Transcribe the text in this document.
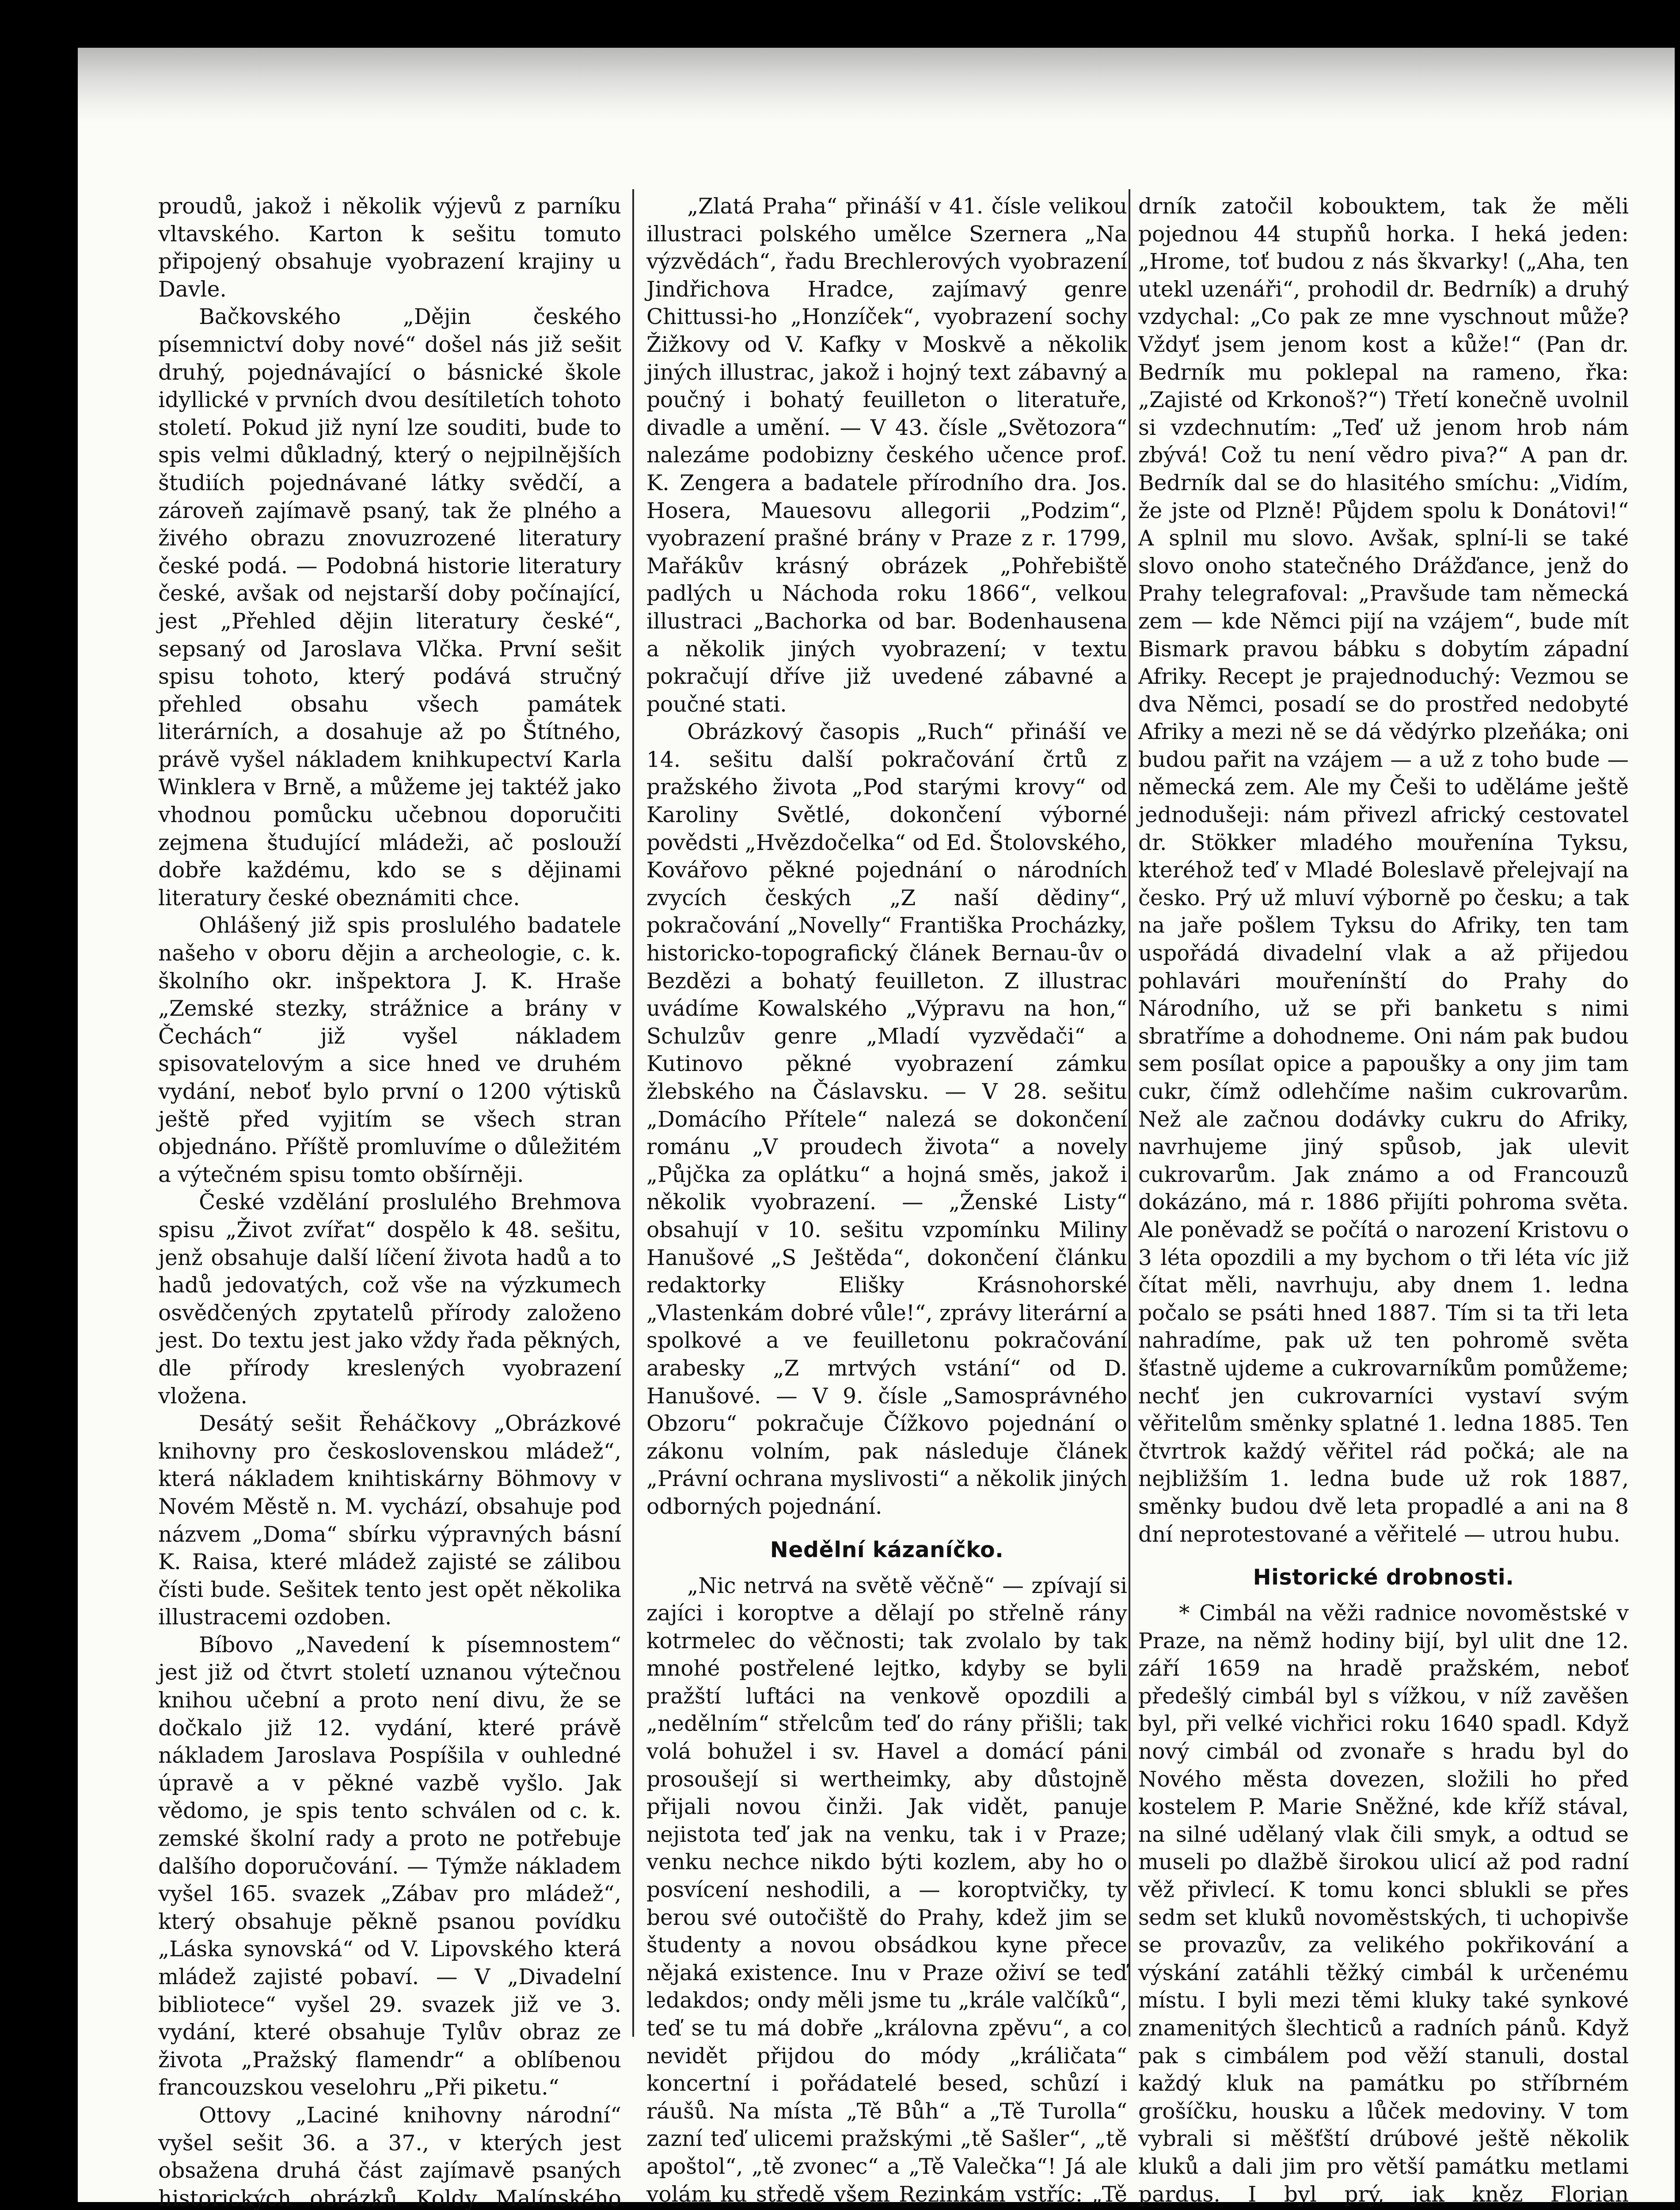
proudů, jakož i několik výjevů z parníku vltavského. Karton k sešitu tomuto připojený obsahuje vyobrazení krajiny u Davle.

Bačkovského „Dějin českého písemnictví doby nové“ došel nás již sešit druhý, pojednávající o básnické škole idyllické v prvních dvou desítiletích tohoto století. Pokud již nyní lze souditi, bude to spis velmi důkladný, který o nejpilnějších študiích pojednávané látky svědčí, a zároveň zajímavě psaný, tak že plného a živého obrazu znovuzrozené literatury české podá. — Podobná historie literatury české, avšak od nejstarší doby počínající, jest „Přehled dějin literatury české“, sepsaný od Jaroslava Vlčka. První sešit spisu tohoto, který podává stručný přehled obsahu všech památek literárních, a dosahuje až po Štítného, právě vyšel nákladem knihkupectví Karla Winklera v Brně, a můžeme jej taktéž jako vhodnou pomůcku učebnou doporučiti zejmena študující mládeži, ač poslouží dobře každému, kdo se s dějinami literatury české obeznámiti chce.

Ohlášený již spis proslulého badatele našeho v oboru dějin a archeologie, c. k. školního okr. inšpektora J. K. Hraše „Zemské stezky, strážnice a brány v Čechách“ již vyšel nákladem spisovatelovým a sice hned ve druhém vydání, neboť bylo první o 1200 výtisků ještě před vyjitím se všech stran objednáno. Příště promluvíme o důležitém a výtečném spisu tomto obšírněji.

České vzdělání proslulého Brehmova spisu „Život zvířat“ dospělo k 48. sešitu, jenž obsahuje další líčení života hadů a to hadů jedovatých, což vše na výzkumech osvědčených zpytatelů přírody založeno jest. Do textu jest jako vždy řada pěkných, dle přírody kreslených vyobrazení vložena.

Desátý sešit Řeháčkovy „Obrázkové knihovny pro československou mládež“, která nákladem knihtiskárny Böhmovy v Novém Městě n. M. vychází, obsahuje pod názvem „Doma“ sbírku výpravných básní K. Raisa, které mládež zajisté se zálibou čísti bude. Sešitek tento jest opět několika illustracemi ozdoben.

Bíbovo „Navedení k písemnostem“ jest již od čtvrt století uznanou výtečnou knihou učební a proto není divu, že se dočkalo již 12. vydání, které právě nákladem Jaroslava Pospíšila v ouhledné úpravě a v pěkné vazbě vyšlo. Jak vědomo, je spis tento schválen od c. k. zemské školní rady a proto ne potřebuje dalšího doporučování. — Týmže nákladem vyšel 165. svazek „Zábav pro mládež“, který obsahuje pěkně psanou povídku „Láska synovská“ od V. Lipovského která mládež zajisté pobaví. — V „Divadelní bibliotece“ vyšel 29. svazek již ve 3. vydání, které obsahuje Tylův obraz ze života „Pražský flamendr“ a oblíbenou francouzskou veselohru „Při piketu.“

Ottovy „Laciné knihovny národní“ vyšel sešit 36. a 37., v kterých jest obsažena druhá část zajímavě psaných historických obrázků Koldy Malínského

„Zlatá Praha“ přináší v 41. čísle velikou illustraci polského umělce Szernera „Na výzvědách“, řadu Brechlerových vyobrazení Jindřichova Hradce, zajímavý genre Chittussi-ho „Honzíček“, vyobrazení sochy Žižkovy od V. Kafky v Moskvě a několik jiných illustrac, jakož i hojný text zábavný a poučný i bohatý feuilleton o literatuře, divadle a umění. — V 43. čísle „Světozora“ nalezáme podobizny českého učence prof. K. Zengera a badatele přírodního dra. Jos. Hosera, Mauesovu allegorii „Podzim“, vyobrazení prašné brány v Praze z r. 1799, Mařákův krásný obrázek „Pohřebiště padlých u Náchoda roku 1866“, velkou illustraci „Bachorka od bar. Bodenhausena a několik jiných vyobrazení; v textu pokračují dříve již uvedené zábavné a poučné stati.

Obrázkový časopis „Ruch“ přináší ve 14. sešitu další pokračování črtů z pražského života „Pod starými krovy“ od Karoliny Světlé, dokončení výborné povědsti „Hvězdočelka“ od Ed. Štolovského, Kovářovo pěkné pojednání o národních zvycích českých „Z naší dědiny“, pokračování „Novelly“ Františka Procházky, historicko-topografický článek Bernau-ův o Bezdězi a bohatý feuilleton. Z illustrac uvádíme Kowalského „Výpravu na hon,“ Schulzův genre „Mladí vyzvědači“ a Kutinovo pěkné vyobrazení zámku žlebského na Čáslavsku. — V 28. sešitu „Domácího Přítele“ nalezá se dokončení románu „V proudech života“ a novely „Půjčka za oplátku“ a hojná směs, jakož i několik vyobrazení. — „Ženské Listy“ obsahují v 10. sešitu vzpomínku Miliny Hanušové „S Ještěda“, dokončení článku redaktorky Elišky Krásnohorské „Vlastenkám dobré vůle!“, zprávy literární a spolkové a ve feuilletonu pokračování arabesky „Z mrtvých vstání“ od D. Hanušové. — V 9. čísle „Samosprávného Obzoru“ pokračuje Čížkovo pojednání o zákonu volním, pak následuje článek „Právní ochrana myslivosti“ a několik jiných odborných pojednání.

Nedělní kázaníčko.

„Nic netrvá na světě věčně“ — zpívají si zajíci i koroptve a dělají po střelně rány kotrmelec do věčnosti; tak zvolalo by tak mnohé postřelené lejtko, kdyby se byli pražští luftáci na venkově opozdili a „nedělním“ střelcům teď do rány přišli; tak volá bohužel i sv. Havel a domácí páni prosoušejí si wertheimky, aby důstojně přijali novou činži. Jak vidět, panuje nejistota teď jak na venku, tak i v Praze; venku nechce nikdo býti kozlem, aby ho o posvícení neshodili, a — koroptvičky, ty berou své outočiště do Prahy, kdež jim se študenty a novou obsádkou kyne přece nějaká existence. Inu v Praze oživí se teď ledakdos; ondy měli jsme tu „krále valčíků“, teď se tu má dobře „královna zpěvu“, a co nevidět přijdou do módy „králičata“ koncertní i pořádatelé besed, schůzí i ráušů. Na místa „Tě Bůh“ a „Tě Turolla“ zazní teď ulicemi pražskými „tě Sašler“, „tě apoštol“, „tě zvonec“ a „Tě Valečka“! Já ale volám ku středě všem Rezinkám vstříc: „Tě

drník zatočil kobouktem, tak že měli pojednou 44 stupňů horka. I heká jeden: „Hrome, toť budou z nás škvarky! („Aha, ten utekl uzenáři“, prohodil dr. Bedrník) a druhý vzdychal: „Co pak ze mne vyschnout může? Vždyť jsem jenom kost a kůže!“ (Pan dr. Bedrník mu poklepal na rameno, řka: „Zajisté od Krkonoš?“) Třetí konečně uvolnil si vzdechnutím: „Teď už jenom hrob nám zbývá! Což tu není vědro piva?“ A pan dr. Bedrník dal se do hlasitého smíchu: „Vidím, že jste od Plzně! Půjdem spolu k Donátovi!“ A splnil mu slovo. Avšak, splní-li se také slovo onoho statečného Drážďance, jenž do Prahy telegrafoval: „Pravšude tam německá zem — kde Němci pijí na vzájem“, bude mít Bismark pravou bábku s dobytím západní Afriky. Recept je prajednoduchý: Vezmou se dva Němci, posadí se do prostřed nedobyté Afriky a mezi ně se dá vědýrko plzeňáka; oni budou pařit na vzájem — a už z toho bude — německá zem. Ale my Češi to uděláme ještě jednodušeji: nám přivezl africký cestovatel dr. Stökker mladého mouřenína Tyksu, kteréhož teď v Mladé Boleslavě přelejvají na česko. Prý už mluví výborně po česku; a tak na jaře pošlem Tyksu do Afriky, ten tam uspořádá divadelní vlak a až přijedou pohlavári mouřenínští do Prahy do Národního, už se při banketu s nimi sbratříme a dohodneme. Oni nám pak budou sem posílat opice a papoušky a ony jim tam cukr, čímž odlehčíme našim cukrovarům. Než ale začnou dodávky cukru do Afriky, navrhujeme jiný spůsob, jak ulevit cukrovarům. Jak známo a od Francouzů dokázáno, má r. 1886 přijíti pohroma světa. Ale poněvadž se počítá o narození Kristovu o 3 léta opozdili a my bychom o tři léta víc již čítat měli, navrhuju, aby dnem 1. ledna počalo se psáti hned 1887. Tím si ta tři leta nahradíme, pak už ten pohromě světa šťastně ujdeme a cukrovarníkům pomůžeme; nechť jen cukrovarníci vystaví svým věřitelům směnky splatné 1. ledna 1885. Ten čtvrtrok každý věřitel rád počká; ale na nejbližším 1. ledna bude už rok 1887, směnky budou dvě leta propadlé a ani na 8 dní neprotestované a věřitelé — utrou hubu.

Historické drobnosti.

* Cimbál na věži radnice novoměstské v Praze, na němž hodiny bijí, byl ulit dne 12. září 1659 na hradě pražském, neboť předešlý cimbál byl s vížkou, v níž zavěšen byl, při velké vichřici roku 1640 spadl. Když nový cimbál od zvonaře s hradu byl do Nového města dovezen, složili ho před kostelem P. Marie Sněžné, kde kříž stával, na silné udělaný vlak čili smyk, a odtud se museli po dlažbě širokou ulicí až pod radní věž přivlecí. K tomu konci sblukli se přes sedm set kluků novoměstských, ti uchopivše se provazův, za velikého pokřikování a výskání zatáhli těžký cimbál k určenému místu. I byli mezi těmi kluky také synkové znamenitých šlechticů a radních pánů. Když pak s cimbálem pod věží stanuli, dostal každý kluk na památku po stříbrném grošíčku, housku a lůček medoviny. V tom vybrali si měšťští drúbové ještě několik kluků a dali jim pro větší památku metlami pardus. I byl prý, jak kněz Florian
